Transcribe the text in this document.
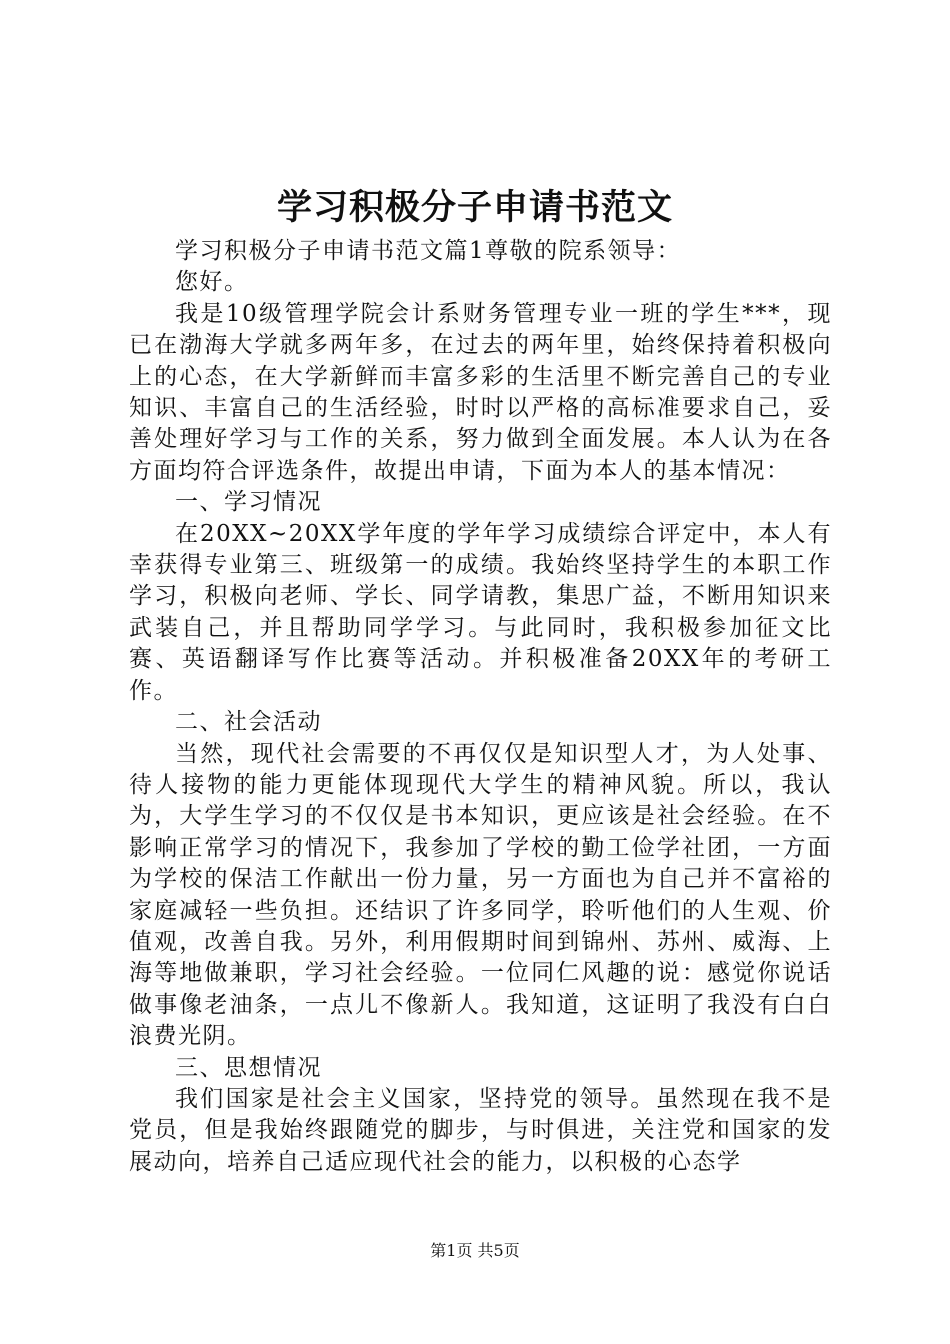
学习积极分子申请书范文

学习积极分子申请书范文篇1尊敬的院系领导：

您好。

我是10级管理学院会计系财务管理专业一班的学生***，现已在渤海大学就多两年多，在过去的两年里，始终保持着积极向上的心态，在大学新鲜而丰富多彩的生活里不断完善自己的专业知识、丰富自己的生活经验，时时以严格的高标准要求自己，妥善处理好学习与工作的关系，努力做到全面发展。本人认为在各方面均符合评选条件，故提出申请，下面为本人的基本情况：

一、学习情况

在20XX~20XX学年度的学年学习成绩综合评定中，本人有幸获得专业第三、班级第一的成绩。我始终坚持学生的本职工作学习，积极向老师、学长、同学请教，集思广益，不断用知识来武装自己，并且帮助同学学习。与此同时，我积极参加征文比赛、英语翻译写作比赛等活动。并积极准备20XX年的考研工作。

二、社会活动

当然，现代社会需要的不再仅仅是知识型人才，为人处事、待人接物的能力更能体现现代大学生的精神风貌。所以，我认为，大学生学习的不仅仅是书本知识，更应该是社会经验。在不影响正常学习的情况下，我参加了学校的勤工俭学社团，一方面为学校的保洁工作献出一份力量，另一方面也为自己并不富裕的家庭减轻一些负担。还结识了许多同学，聆听他们的人生观、价值观，改善自我。另外，利用假期时间到锦州、苏州、威海、上海等地做兼职，学习社会经验。一位同仁风趣的说：感觉你说话做事像老油条，一点儿不像新人。我知道，这证明了我没有白白浪费光阴。

三、思想情况

我们国家是社会主义国家，坚持党的领导。虽然现在我不是党员，但是我始终跟随党的脚步，与时俱进，关注党和国家的发展动向，培养自己适应现代社会的能力，以积极的心态学

第1页 共5页
